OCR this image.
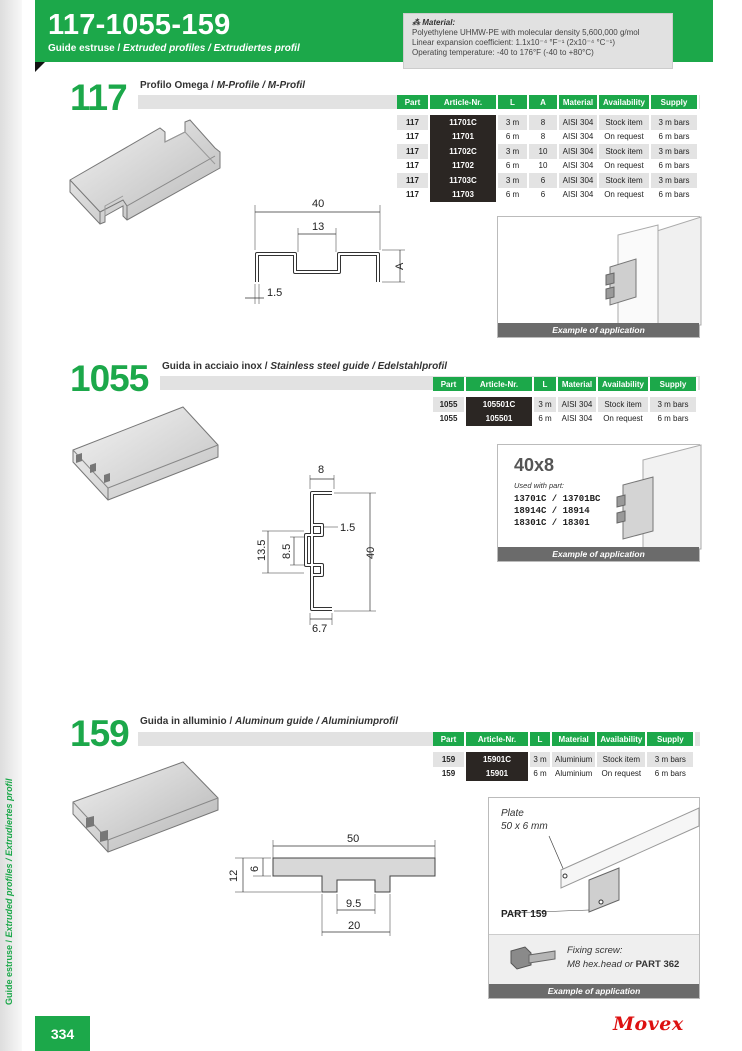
Guide estruse / Extruded profiles / Extrudiertes profil
117-1055-159
Guide estruse / Extruded profiles / Extrudiertes profil
⁂ Material:
Polyethylene UHMW-PE with molecular density 5,600,000 g/mol
Linear expansion coefficient: 1.1x10⁻⁴ °F⁻¹ (2x10⁻⁴ °C⁻¹)
Operating temperature: -40 to 176°F (-40 to +80°C)
117 Profilo Omega / M-Profile / M-Profil
Part	Article-Nr.	L	A	Material	Availability	Supply

117	11701C	3 m	8	AISI 304	Stock item	3 m bars
117	11701	6 m	8	AISI 304	On request	6 m bars
117	11702C	3 m	10	AISI 304	Stock item	3 m bars
117	11702	6 m	10	AISI 304	On request	6 m bars
117	11703C	3 m	6	AISI 304	Stock item	3 m bars
117	11703	6 m	6	AISI 304	On request	6 m bars
40
13
A
1.5
Example of application
1055 Guida in acciaio inox / Stainless steel guide / Edelstahlprofil
Part	Article-Nr.	L	Material	Availability	Supply

1055	105501C	3 m	AISI 304	Stock item	3 m bars
1055	105501	6 m	AISI 304	On request	6 m bars
8
40
1.5
13.5 8.5
6.7
40x8
Used with part:
13701C / 13701BC
18914C / 18914
18301C / 18301
Example of application
159 Guida in alluminio / Aluminum guide / Aluminiumprofil
Part	Article-Nr.	L	Material	Availability	Supply

159	15901C	3 m	Aluminium	Stock item	3 m bars
159	15901	6 m	Aluminium	On request	6 m bars
50
6
12
9.5
20
Plate
50 x 6 mm
PART 159
Fixing screw:
M8 hex.head or PART 362
Example of application
334	Movex
